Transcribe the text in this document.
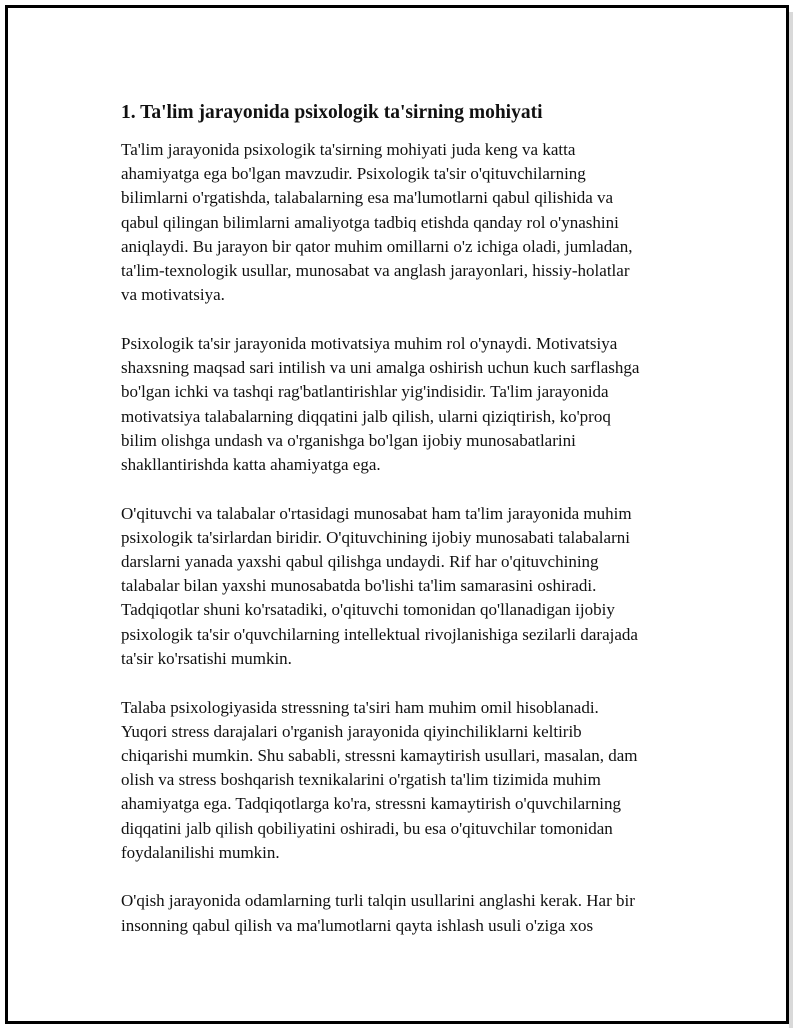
1. Ta'lim jarayonida psixologik ta'sirning mohiyati

Ta'lim jarayonida psixologik ta'sirning mohiyati juda keng va katta
ahamiyatga ega bo'lgan mavzudir. Psixologik ta'sir o'qituvchilarning
bilimlarni o'rgatishda, talabalarning esa ma'lumotlarni qabul qilishida va
qabul qilingan bilimlarni amaliyotga tadbiq etishda qanday rol o'ynashini
aniqlaydi. Bu jarayon bir qator muhim omillarni o'z ichiga oladi, jumladan,
ta'lim-texnologik usullar, munosabat va anglash jarayonlari, hissiy-holatlar
va motivatsiya.

Psixologik ta'sir jarayonida motivatsiya muhim rol o'ynaydi. Motivatsiya
shaxsning maqsad sari intilish va uni amalga oshirish uchun kuch sarflashga
bo'lgan ichki va tashqi rag'batlantirishlar yig'indisidir. Ta'lim jarayonida
motivatsiya talabalarning diqqatini jalb qilish, ularni qiziqtirish, ko'proq
bilim olishga undash va o'rganishga bo'lgan ijobiy munosabatlarini
shakllantirishda katta ahamiyatga ega.

O'qituvchi va talabalar o'rtasidagi munosabat ham ta'lim jarayonida muhim
psixologik ta'sirlardan biridir. O'qituvchining ijobiy munosabati talabalarni
darslarni yanada yaxshi qabul qilishga undaydi. Rif har o'qituvchining
talabalar bilan yaxshi munosabatda bo'lishi ta'lim samarasini oshiradi.
Tadqiqotlar shuni ko'rsatadiki, o'qituvchi tomonidan qo'llanadigan ijobiy
psixologik ta'sir o'quvchilarning intellektual rivojlanishiga sezilarli darajada
ta'sir ko'rsatishi mumkin.

Talaba psixologiyasida stressning ta'siri ham muhim omil hisoblanadi.
Yuqori stress darajalari o'rganish jarayonida qiyinchiliklarni keltirib
chiqarishi mumkin. Shu sababli, stressni kamaytirish usullari, masalan, dam
olish va stress boshqarish texnikalarini o'rgatish ta'lim tizimida muhim
ahamiyatga ega. Tadqiqotlarga ko'ra, stressni kamaytirish o'quvchilarning
diqqatini jalb qilish qobiliyatini oshiradi, bu esa o'qituvchilar tomonidan
foydalanilishi mumkin.

O'qish jarayonida odamlarning turli talqin usullarini anglashi kerak. Har bir
insonning qabul qilish va ma'lumotlarni qayta ishlash usuli o'ziga xos
